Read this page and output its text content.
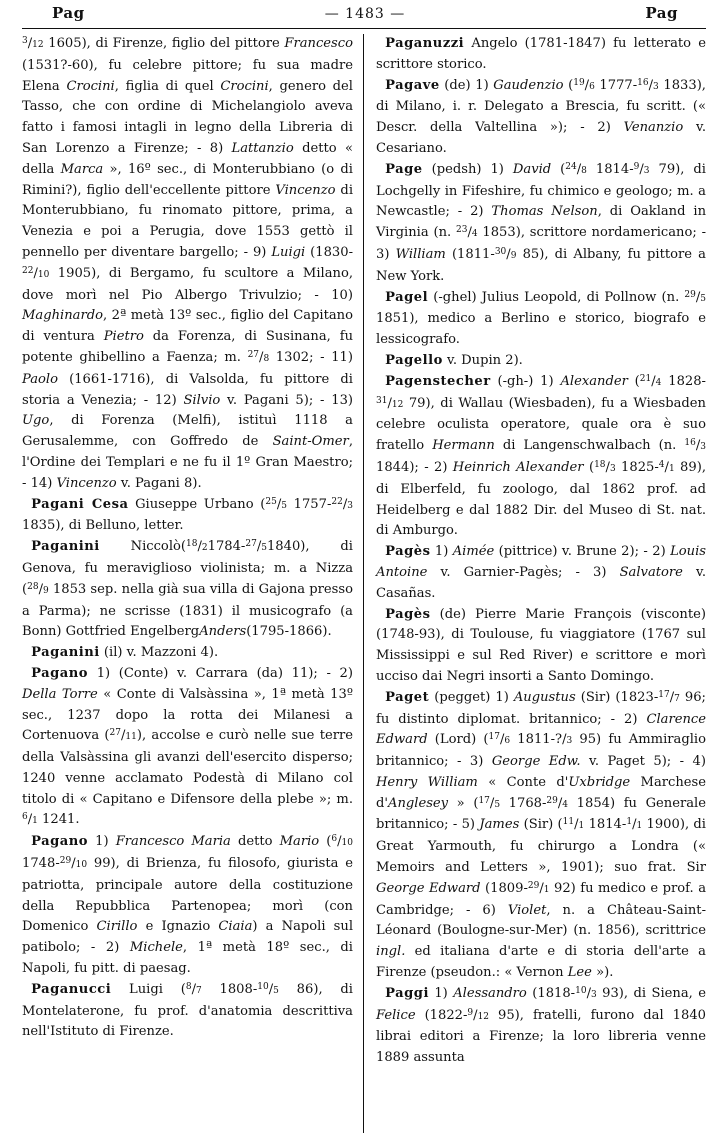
Pag	— 1483 —	Pag

$^3$/12 1605), di Firenze, figlio del pittore Francesco (1531?-60), fu celebre pittore; fu sua madre Elena Crocini, figlia di quel Crocini, genero del Tasso, che con ordine di Michelangiolo aveva fatto i famosi intagli in legno della Libreria di San Lorenzo a Firenze; - 8) Lattanzio detto « della Marca », 16º sec., di Monterubbiano (o di Rimini?), figlio dell'eccellente pittore Vincenzo di Monterubbiano, fu rinomato pittore, prima, a Venezia e poi a Perugia, dove 1553 gettò il pennello per diventare bargello; - 9) Luigi (1830-$^{22}$/10 1905), di Bergamo, fu scultore a Milano, dove morì nel Pio Albergo Trivulzio; - 10) Maghinardo, 2ª metà 13º sec., figlio del Capitano di ventura Pietro da Forenza, di Susinana, fu potente ghibellino a Faenza; m. $^{27}$/8 1302; - 11) Paolo (1661-1716), di Valsolda, fu pittore di storia a Venezia; - 12) Silvio v. Pagani 5); - 13) Ugo, di Forenza (Melfi), istituì 1118 a Gerusalemme, con Goffredo de Saint-Omer, l'Ordine dei Templari e ne fu il 1º Gran Maestro; - 14) Vincenzo v. Pagani 8).

Pagani Cesa Giuseppe Urbano ($^{25}$/5 1757-$^{22}$/3 1835), di Belluno, letter.

Paganini Niccolò($^{18}$/21784-$^{27}$/51840), di Genova, fu meraviglioso violinista; m. a Nizza ($^{28}$/9 1853 sep. nella già sua villa di Gajona presso a Parma); ne scrisse (1831) il musicografo (a Bonn) Gottfried EngelbergAnders(1795-1866).

Paganini (il) v. Mazzoni 4).

Pagano 1) (Conte) v. Carrara (da) 11); - 2) Della Torre « Conte di Valsàssina », 1ª metà 13º sec., 1237 dopo la rotta dei Milanesi a Cortenuova ($^{27}$/11), accolse e curò nelle sue terre della Valsàssina gli avanzi dell'esercito disperso; 1240 venne acclamato Podestà di Milano col titolo di « Capitano e Difensore della plebe »; m. $^6$/1 1241.

Pagano 1) Francesco Maria detto Mario ($^6$/10 1748-$^{29}$/10 99), di Brienza, fu filosofo, giurista e patriotta, principale autore della costituzione della Repubblica Partenopea; morì (con Domenico Cirillo e Ignazio Ciaia) a Napoli sul patibolo; - 2) Michele, 1ª metà 18º sec., di Napoli, fu pitt. di paesag.

Paganucci Luigi ($^8$/7 1808-$^{10}$/5 86), di Montelaterone, fu prof. d'anatomia descrittiva nell'Istituto di Firenze.

Paganuzzi Angelo (1781-1847) fu letterato e scrittore storico.

Pagave (de) 1) Gaudenzio ($^{19}$/6 1777-$^{16}$/3 1833), di Milano, i. r. Delegato a Brescia, fu scritt. (« Descr. della Valtellina »); - 2) Venanzio v. Cesariano.

Page (pedsh) 1) David ($^{24}$/8 1814-$^9$/3 79), di Lochgelly in Fifeshire, fu chimico e geologo; m. a Newcastle; - 2) Thomas Nelson, di Oakland in Virginia (n. $^{23}$/4 1853), scrittore nordamericano; - 3) William (1811-$^{30}$/9 85), di Albany, fu pittore a New York.

Pagel (-ghel) Julius Leopold, di Pollnow (n. $^{29}$/5 1851), medico a Berlino e storico, biografo e lessicografo.

Pagello v. Dupin 2).

Pagenstecher (-gh-) 1) Alexander ($^{21}$/4 1828-$^{31}$/12 79), di Wallau (Wiesbaden), fu a Wiesbaden celebre oculista operatore, quale ora è suo fratello Hermann di Langenschwalbach (n. $^{16}$/3 1844); - 2) Heinrich Alexander ($^{18}$/3 1825-$^4$/1 89), di Elberfeld, fu zoologo, dal 1862 prof. ad Heidelberg e dal 1882 Dir. del Museo di St. nat. di Amburgo.

Pagès 1) Aimée (pittrice) v. Brune 2); - 2) Louis Antoine v. Garnier-Pagès; - 3) Salvatore v. Casañas.

Pagès (de) Pierre Marie François (visconte) (1748-93), di Toulouse, fu viaggiatore (1767 sul Mississippi e sul Red River) e scrittore e morì ucciso dai Negri insorti a Santo Domingo.

Paget (pegget) 1) Augustus (Sir) (1823-$^{17}$/7 96; fu distinto diplomat. britannico; - 2) Clarence Edward (Lord) ($^{17}$/6 1811-?/3 95) fu Ammiraglio britannico; - 3) George Edw. v. Paget 5); - 4) Henry William « Conte d'Uxbridge Marchese d'Anglesey » ($^{17}$/5 1768-$^{29}$/4 1854) fu Generale britannico; - 5) James (Sir) ($^{11}$/1 1814-$^1$/1 1900), di Great Yarmouth, fu chirurgo a Londra (« Memoirs and Letters », 1901); suo frat. Sir George Edward (1809-$^{29}$/1 92) fu medico e prof. a Cambridge; - 6) Violet, n. a Château-Saint-Léonard (Boulogne-sur-Mer) (n. 1856), scrittrice ingl. ed italiana d'arte e di storia dell'arte a Firenze (pseudon.: « Vernon Lee »).

Paggi 1) Alessandro (1818-$^{10}$/3 93), di Siena, e Felice (1822-$^9$/12 95), fratelli, furono dal 1840 librai editori a Firenze; la loro libreria venne 1889 assunta
